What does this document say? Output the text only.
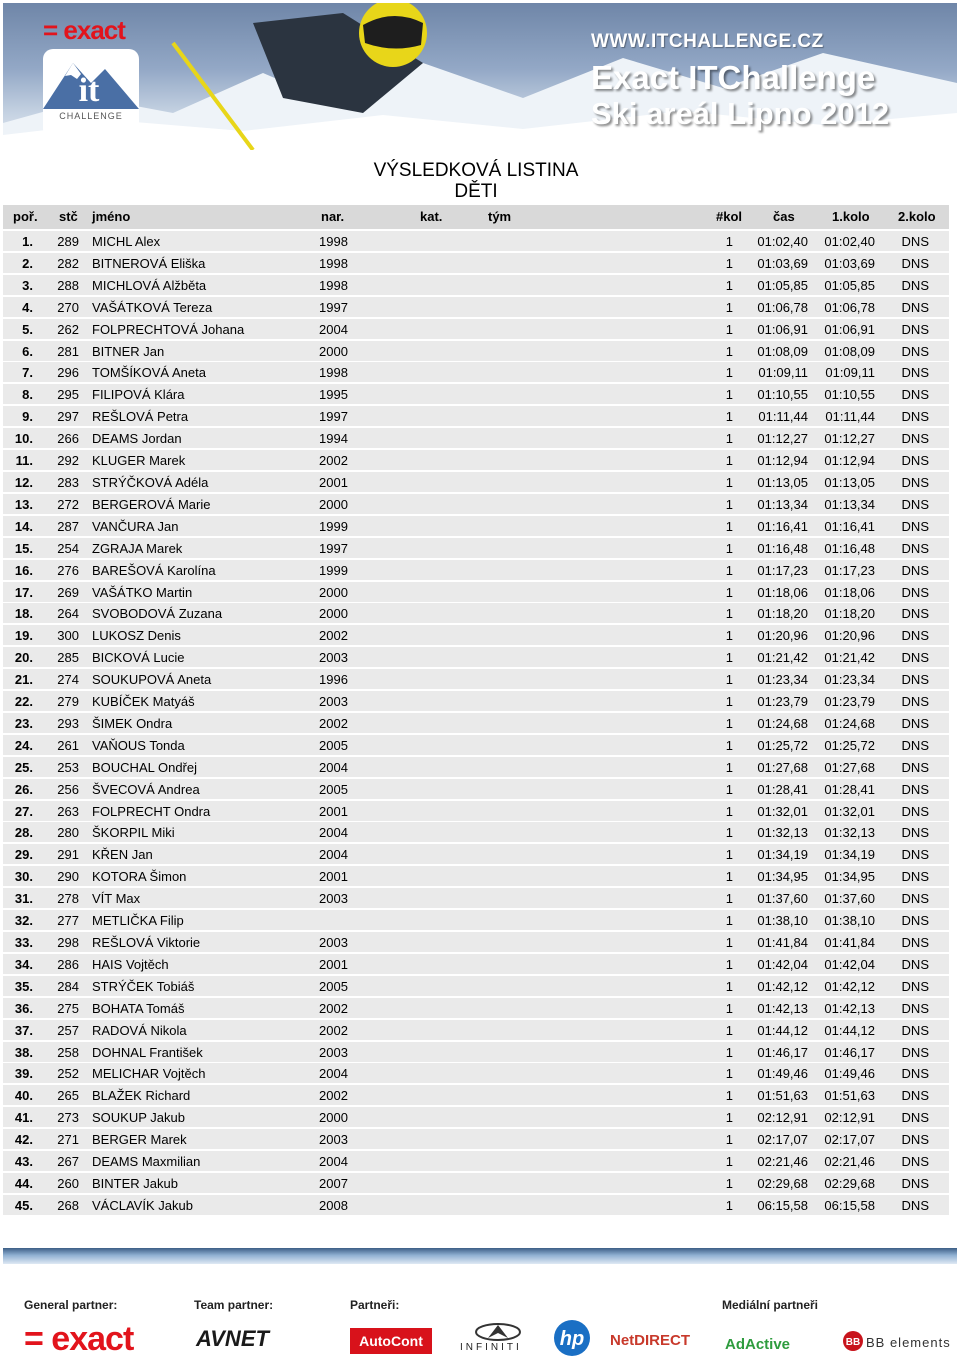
= exact
it
CHALLENGE
WWW.ITCHALLENGE.CZ
Exact ITChallenge
Ski areál Lipno 2012
VÝSLEDKOVÁ LISTINA
DĚTI
poř. stč jméno	nar.	kat.	tým	#kol čas	1.kolo 2.kolo
1. 289 MICHL Alex	1998	1 01:02,40 01:02,40 DNS
2. 282 BITNEROVÁ Eliška	1998	1 01:03,69 01:03,69 DNS
3. 288 MICHLOVÁ Alžběta	1998	1 01:05,85 01:05,85 DNS
4. 270 VAŠÁTKOVÁ Tereza	1997	1 01:06,78 01:06,78 DNS
5. 262 FOLPRECHTOVÁ Johana	2004	1 01:06,91 01:06,91 DNS
6. 281 BITNER Jan	2000	1 01:08,09 01:08,09 DNS
7. 296 TOMŠÍKOVÁ Aneta	1998	1 01:09,11 01:09,11 DNS
8. 295 FILIPOVÁ Klára	1995	1 01:10,55 01:10,55 DNS
9. 297 REŠLOVÁ Petra	1997	1 01:11,44 01:11,44 DNS
10. 266 DEAMS Jordan	1994	1 01:12,27 01:12,27 DNS
11. 292 KLUGER Marek	2002	1 01:12,94 01:12,94 DNS
12. 283 STRÝČKOVÁ Adéla	2001	1 01:13,05 01:13,05 DNS
13. 272 BERGEROVÁ Marie	2000	1 01:13,34 01:13,34 DNS
14. 287 VANČURA Jan	1999	1 01:16,41 01:16,41 DNS
15. 254 ZGRAJA Marek	1997	1 01:16,48 01:16,48 DNS
16. 276 BAREŠOVÁ Karolína	1999	1 01:17,23 01:17,23 DNS
17. 269 VAŠÁTKO Martin	2000	1 01:18,06 01:18,06 DNS
18. 264 SVOBODOVÁ Zuzana	2000	1 01:18,20 01:18,20 DNS
19. 300 LUKOSZ Denis	2002	1 01:20,96 01:20,96 DNS
20. 285 BICKOVÁ Lucie	2003	1 01:21,42 01:21,42 DNS
21. 274 SOUKUPOVÁ Aneta	1996	1 01:23,34 01:23,34 DNS
22. 279 KUBÍČEK Matyáš	2003	1 01:23,79 01:23,79 DNS
23. 293 ŠIMEK Ondra	2002	1 01:24,68 01:24,68 DNS
24. 261 VAŇOUS Tonda	2005	1 01:25,72 01:25,72 DNS
25. 253 BOUCHAL Ondřej	2004	1 01:27,68 01:27,68 DNS
26. 256 ŠVECOVÁ Andrea	2005	1 01:28,41 01:28,41 DNS
27. 263 FOLPRECHT Ondra	2001	1 01:32,01 01:32,01 DNS
28. 280 ŠKORPIL Miki	2004	1 01:32,13 01:32,13 DNS
29. 291 KŘEN Jan	2004	1 01:34,19 01:34,19 DNS
30. 290 KOTORA Šimon	2001	1 01:34,95 01:34,95 DNS
31. 278 VÍT Max	2003	1 01:37,60 01:37,60 DNS
32. 277 METLIČKA Filip	1 01:38,10 01:38,10 DNS
33. 298 REŠLOVÁ Viktorie	2003	1 01:41,84 01:41,84 DNS
34. 286 HAIS Vojtěch	2001	1 01:42,04 01:42,04 DNS
35. 284 STRÝČEK Tobiáš	2005	1 01:42,12 01:42,12 DNS
36. 275 BOHATA Tomáš	2002	1 01:42,13 01:42,13 DNS
37. 257 RADOVÁ Nikola	2002	1 01:44,12 01:44,12 DNS
38. 258 DOHNAL František	2003	1 01:46,17 01:46,17 DNS
39. 252 MELICHAR Vojtěch	2004	1 01:49,46 01:49,46 DNS
40. 265 BLAŽEK Richard	2002	1 01:51,63 01:51,63 DNS
41. 273 SOUKUP Jakub	2000	1 02:12,91 02:12,91 DNS
42. 271 BERGER Marek	2003	1 02:17,07 02:17,07 DNS
43. 267 DEAMS Maxmilian	2004	1 02:21,46 02:21,46 DNS
44. 260 BINTER Jakub	2007	1 02:29,68 02:29,68 DNS
45. 268 VÁCLAVÍK Jakub	2008	1 06:15,58 06:15,58 DNS
General partner:	Team partner:	Partneři:	Mediální partneři
= exact	AVNET	AutoCont	INFINITI hp NetDIRECT AdActive	BB BB elements
